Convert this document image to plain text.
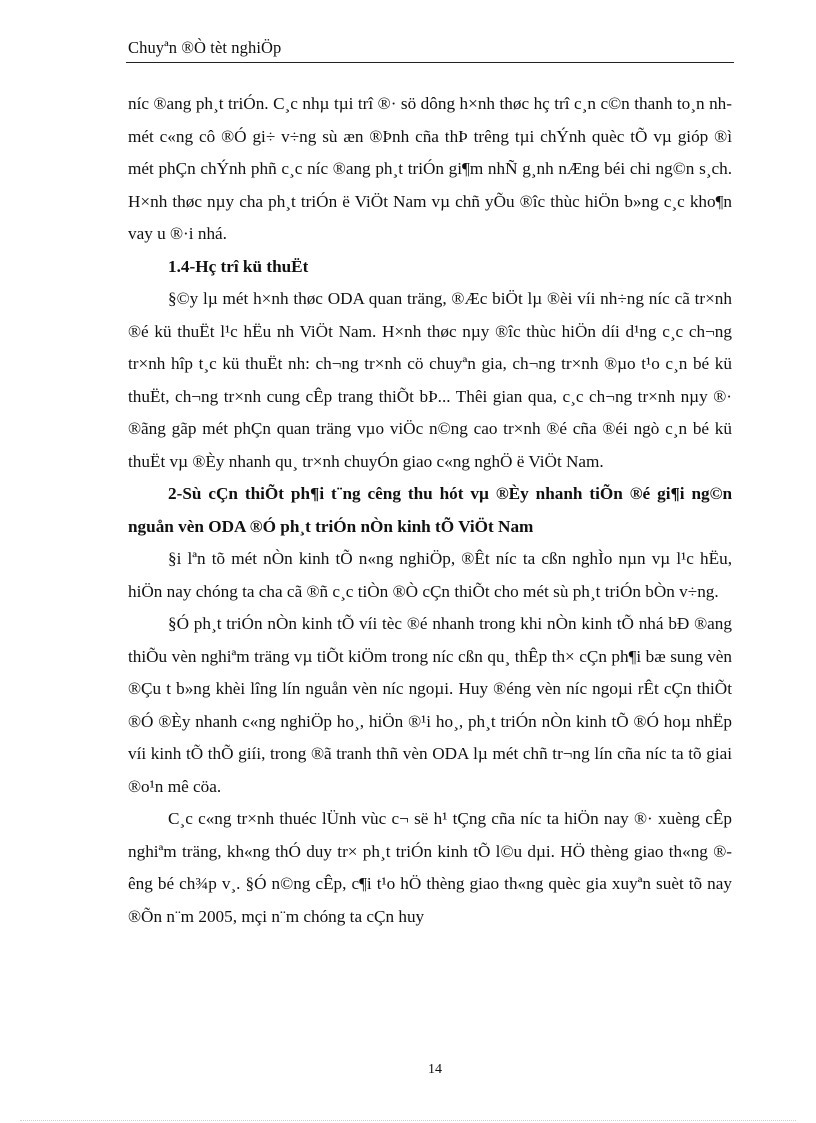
Chuyªn ®Ò tèt nghiÖp

níc ®ang ph¸t triÓn. C¸c nhµ tµi trî ®· sö dông h×nh thøc hç trî c¸n c©n thanh to¸n nh mét c«ng cô ®Ó gi÷ v÷ng sù æn ®Þnh cña thÞ trêng tµi chÝnh quèc tÕ vµ gióp ®ì mét phÇn chÝnh phñ c¸c níc ®ang ph¸t triÓn gi¶m nhÑ g¸nh nÆng béi chi ng©n s¸ch. H×nh thøc nµy cha ph¸t triÓn ë ViÖt Nam vµ chñ yÕu ®îc thùc hiÖn b»ng c¸c kho¶n vay u ®·i nhá.

1.4-Hç trî kü thuËt

§©y lµ mét h×nh thøc ODA quan träng, ®Æc biÖt lµ ®èi víi nh÷ng níc cã tr×nh ®é kü thuËt l¹c hËu nh ViÖt Nam. H×nh thøc nµy ®îc thùc hiÖn díi d¹ng c¸c ch¬ng tr×nh hîp t¸c kü thuËt nh: ch¬ng tr×nh cö chuyªn gia, ch¬ng tr×nh ®µo t¹o c¸n bé kü thuËt, ch¬ng tr×nh cung cÊp trang thiÕt bÞ... Thêi gian qua, c¸c ch¬ng tr×nh nµy ®· ®ãng gãp mét phÇn quan träng vµo viÖc n©ng cao tr×nh ®é cña ®éi ngò c¸n bé kü thuËt vµ ®Èy nhanh qu¸ tr×nh chuyÓn giao c«ng nghÖ ë ViÖt Nam.

2-Sù cÇn thiÕt ph¶i t¨ng cêng thu hót vµ ®Èy nhanh tiÕn ®é gi¶i ng©n nguån vèn ODA ®Ó ph¸t triÓn nÒn kinh tÕ ViÖt Nam

§i lªn tõ mét nÒn kinh tÕ n«ng nghiÖp, ®Êt níc ta cßn nghÌo nµn vµ l¹c hËu, hiÖn nay chóng ta cha cã ®ñ c¸c tiÒn ®Ò cÇn thiÕt cho mét sù ph¸t triÓn bÒn v÷ng.

§Ó ph¸t triÓn nÒn kinh tÕ víi tèc ®é nhanh trong khi nÒn kinh tÕ nhá bÐ ®ang thiÕu vèn nghiªm träng vµ tiÕt kiÖm trong níc cßn qu¸ thÊp th× cÇn ph¶i bæ sung vèn ®Çu t b»ng khèi lîng lín nguån vèn níc ngoµi. Huy ®éng vèn níc ngoµi rÊt cÇn thiÕt ®Ó ®Èy nhanh c«ng nghiÖp ho¸, hiÖn ®¹i ho¸, ph¸t triÓn nÒn kinh tÕ ®Ó hoµ nhËp víi kinh tÕ thÕ giíi, trong ®ã tranh thñ vèn ODA lµ mét chñ tr¬ng lín cña níc ta tõ giai ®o¹n mê cöa.

C¸c c«ng tr×nh thuéc lÜnh vùc c¬ së h¹ tÇng cña níc ta hiÖn nay ®· xuèng cÊp nghiªm träng, kh«ng thÓ duy tr× ph¸t triÓn kinh tÕ l©u dµi. HÖ thèng giao th«ng ®êng bé ch¾p v¸. §Ó n©ng cÊp, c¶i t¹o hÖ thèng giao th«ng quèc gia xuyªn suèt tõ nay ®Õn n¨m 2005, mçi n¨m chóng ta cÇn huy

14
